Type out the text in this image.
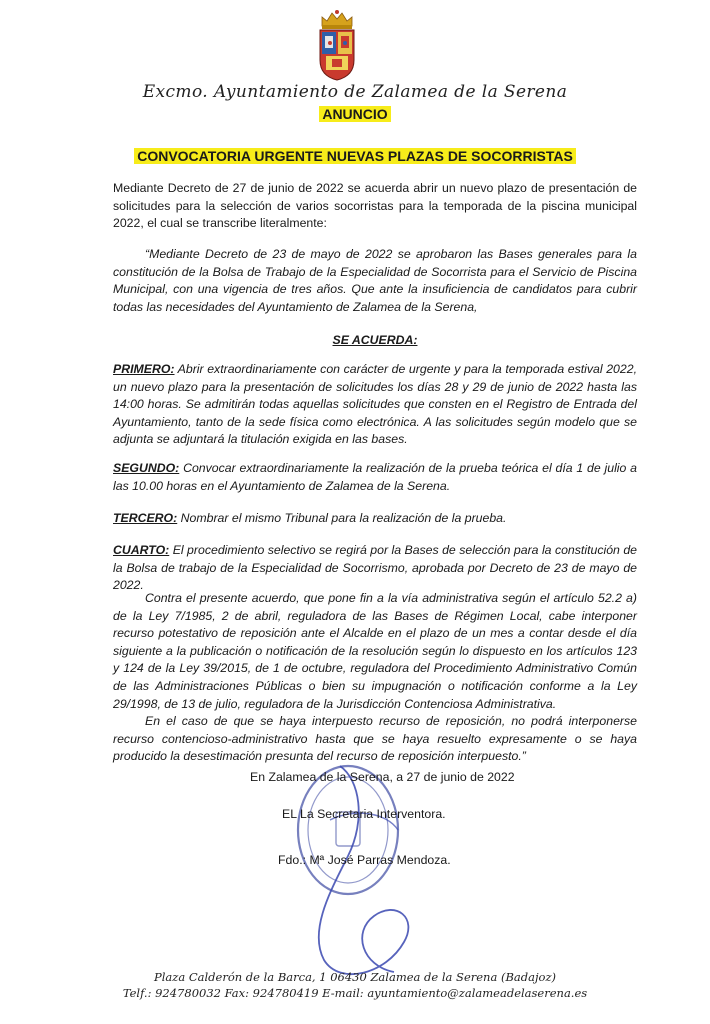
Excmo. Ayuntamiento de Zalamea de la Serena
ANUNCIO
CONVOCATORIA URGENTE NUEVAS PLAZAS DE SOCORRISTAS

Mediante Decreto de 27 de junio de 2022 se acuerda abrir un nuevo plazo de presentación de solicitudes para la selección de varios socorristas para la temporada de la piscina municipal 2022, el cual se transcribe literalmente:

“Mediante Decreto de 23 de mayo de 2022 se aprobaron las Bases generales para la constitución de la Bolsa de Trabajo de la Especialidad de Socorrista para el Servicio de Piscina Municipal, con una vigencia de tres años. Que ante la insuficiencia de candidatos para cubrir todas las necesidades del Ayuntamiento de Zalamea de la Serena,

SE ACUERDA:
PRIMERO: Abrir extraordinariamente con carácter de urgente y para la temporada estival 2022, un nuevo plazo para la presentación de solicitudes los días 28 y 29 de junio de 2022 hasta las 14:00 horas. Se admitirán todas aquellas solicitudes que consten en el Registro de Entrada del Ayuntamiento, tanto de la sede física como electrónica. A las solicitudes según modelo que se adjunta se adjuntará la titulación exigida en las bases.
SEGUNDO: Convocar extraordinariamente la realización de la prueba teórica el día 1 de julio a las 10.00 horas en el Ayuntamiento de Zalamea de la Serena.
TERCERO: Nombrar el mismo Tribunal para la realización de la prueba.
CUARTO: El procedimiento selectivo se regirá por la Bases de selección para la constitución de la Bolsa de trabajo de la Especialidad de Socorrismo, aprobada por Decreto de 23 de mayo de 2022.

Contra el presente acuerdo, que pone fin a la vía administrativa según el artículo 52.2 a) de la Ley 7/1985, 2 de abril, reguladora de las Bases de Régimen Local, cabe interponer recurso potestativo de reposición ante el Alcalde en el plazo de un mes a contar desde el día siguiente a la publicación o notificación de la resolución según lo dispuesto en los artículos 123 y 124 de la Ley 39/2015, de 1 de octubre, reguladora del Procedimiento Administrativo Común de las Administraciones Públicas o bien su impugnación o notificación conforme a la Ley 29/1998, de 13 de julio, reguladora de la Jurisdicción Contenciosa Administrativa.

En el caso de que se haya interpuesto recurso de reposición, no podrá interponerse recurso contencioso-administrativo hasta que se haya resuelto expresamente o se haya producido la desestimación presunta del recurso de reposición interpuesto.”

En Zalamea de la Serena, a 27 de junio de 2022
EL La Secretaria Interventora.
Fdo.: Mª José Parras Mendoza.
Plaza Calderón de la Barca, 1 06430 Zalamea de la Serena (Badajoz)
Telf.: 924780032 Fax: 924780419 E-mail: ayuntamiento@zalameadelaserena.es
